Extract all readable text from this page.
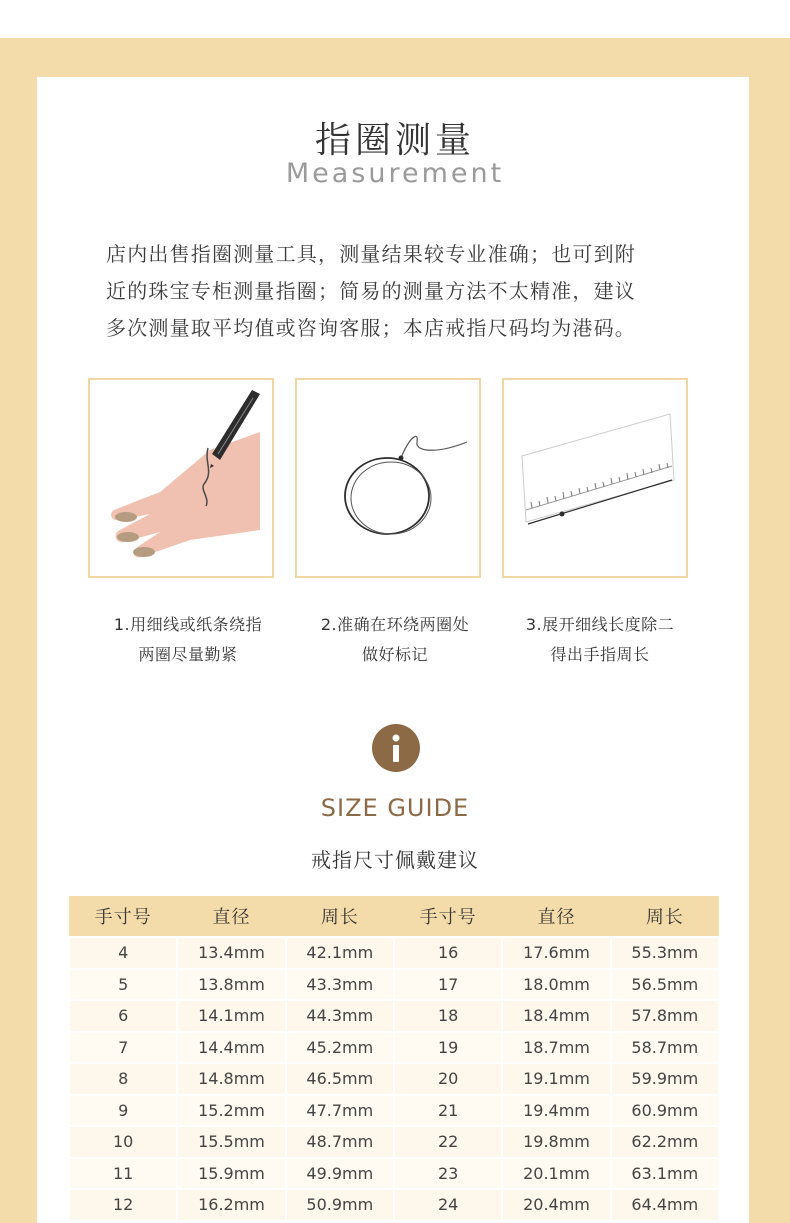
指圈测量
Measurement
店内出售指圈测量工具，测量结果较专业准确；也可到附
近的珠宝专柜测量指圈；简易的测量方法不太精准，建议
多次测量取平均值或咨询客服；本店戒指尺码均为港码。
1.用细线或纸条绕指
两圈尽量勤紧
2.准确在环绕两圈处
做好标记
3.展开细线长度除二
得出手指周长
SIZE GUIDE
戒指尺寸佩戴建议
手寸号	直径	周长	手寸号	直径	周长
4	13.4mm	42.1mm	16	17.6mm	55.3mm
5	13.8mm	43.3mm	17	18.0mm	56.5mm
6	14.1mm	44.3mm	18	18.4mm	57.8mm
7	14.4mm	45.2mm	19	18.7mm	58.7mm
8	14.8mm	46.5mm	20	19.1mm	59.9mm
9	15.2mm	47.7mm	21	19.4mm	60.9mm
10	15.5mm	48.7mm	22	19.8mm	62.2mm
11	15.9mm	49.9mm	23	20.1mm	63.1mm
12	16.2mm	50.9mm	24	20.4mm	64.4mm
